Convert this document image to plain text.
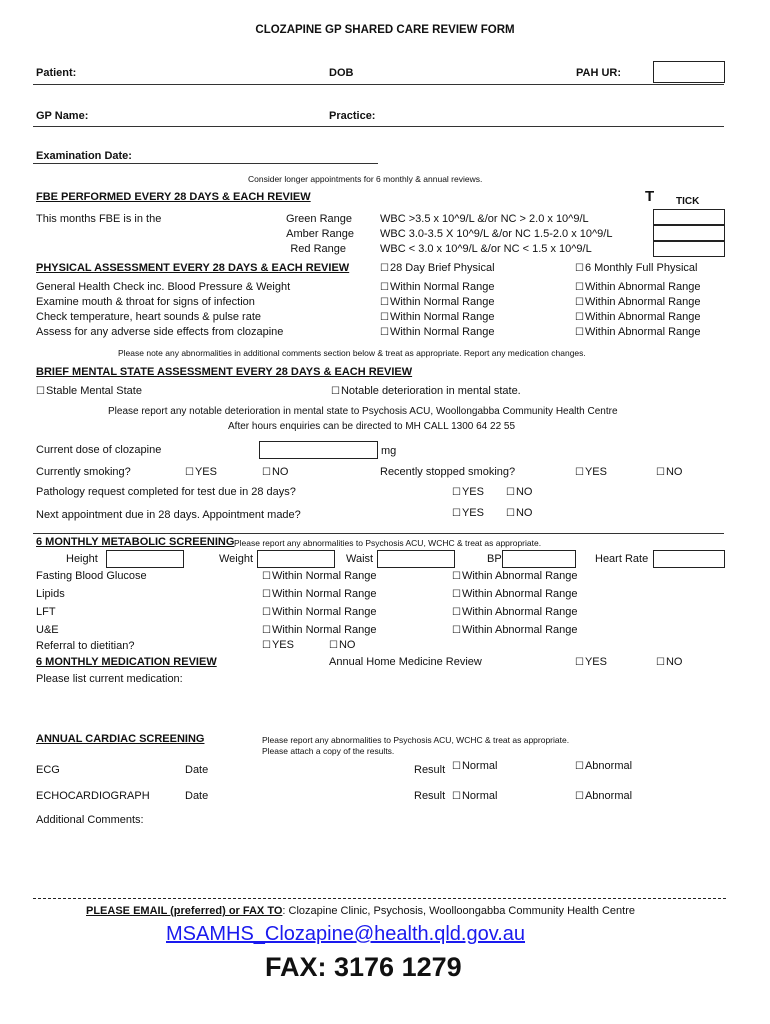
CLOZAPINE GP SHARED CARE REVIEW FORM
Patient:	DOB	PAH UR:
GP Name:	Practice:
Examination Date:
Consider longer appointments for 6 monthly & annual reviews.
FBE PERFORMED EVERY 28 DAYS & EACH REVIEW	T TICK
This months FBE is in the	Green Range	WBC >3.5 x 10^9/L &/or NC > 2.0 x 10^9/L
Amber Range WBC 3.0-3.5 X 10^9/L &/or NC 1.5-2.0 x 10^9/L
Red Range	WBC < 3.0 x 10^9/L &/or NC < 1.5 x 10^9/L
PHYSICAL ASSESSMENT EVERY 28 DAYS & EACH REVIEW	☐ 28 Day Brief Physical	☐ 6 Monthly Full Physical
General Health Check inc. Blood Pressure & Weight	☐ Within Normal Range	☐ Within Abnormal Range
Examine mouth & throat for signs of infection	☐ Within Normal Range	☐ Within Abnormal Range
Check temperature, heart sounds & pulse rate	☐ Within Normal Range	☐ Within Abnormal Range
Assess for any adverse side effects from clozapine	☐ Within Normal Range	☐ Within Abnormal Range
Please note any abnormalities in additional comments section below & treat as appropriate. Report any medication changes.
BRIEF MENTAL STATE ASSESSMENT EVERY 28 DAYS & EACH REVIEW
☐ Stable Mental State	☐ Notable deterioration in mental state.
Please report any notable deterioration in mental state to Psychosis ACU, Woollongabba Community Health Centre
After hours enquiries can be directed to MH CALL 1300 64 22 55
Current dose of clozapine	mg
Currently smoking?	☐ YES	☐ NO	Recently stopped smoking?	☐ YES	☐ NO
Pathology request completed for test due in 28 days?	☐ YES	☐ NO
Next appointment due in 28 days. Appointment made?	☐ YES	☐ NO
6 MONTHLY METABOLIC SCREENING Please report any abnormalities to Psychosis ACU, WCHC & treat as appropriate.
Height	Weight	Waist	BP	Heart Rate
Fasting Blood Glucose	☐ Within Normal Range	☐ Within Abnormal Range
Lipids	☐ Within Normal Range	☐ Within Abnormal Range
LFT	☐ Within Normal Range	☐ Within Abnormal Range
U&E	☐ Within Normal Range	☐ Within Abnormal Range
Referral to dietitian?	☐ YES	☐ NO
6 MONTHLY MEDICATION REVIEW	Annual Home Medicine Review	☐ YES	☐ NO
Please list current medication:
ANNUAL CARDIAC SCREENING	Please report any abnormalities to Psychosis ACU, WCHC & treat as appropriate.
Please attach a copy of the results.
ECG	Date	Result	☐ Normal	☐ Abnormal
ECHOCARDIOGRAPH	Date	Result	☐ Normal	☐ Abnormal
Additional Comments:
PLEASE EMAIL (preferred) or FAX TO: Clozapine Clinic, Psychosis, Woolloongabba Community Health Centre
MSAMHS_Clozapine@health.qld.gov.au
FAX: 3176 1279
